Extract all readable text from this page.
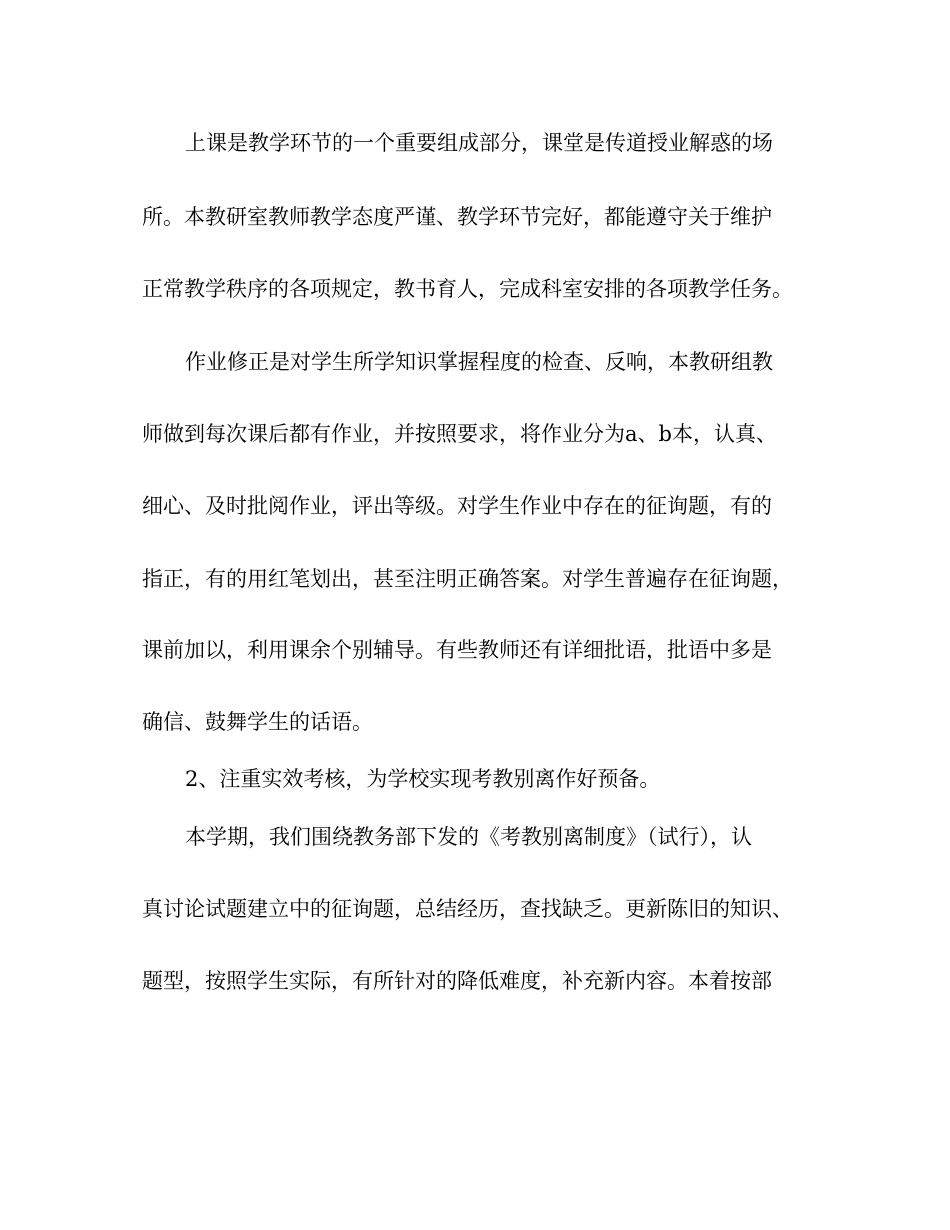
上课是教学环节的一个重要组成部分，课堂是传道授业解惑的场

所。本教研室教师教学态度严谨、教学环节完好，都能遵守关于维护

正常教学秩序的各项规定，教书育人，完成科室安排的各项教学任务。

作业修正是对学生所学知识掌握程度的检查、反响，本教研组教

师做到每次课后都有作业，并按照要求，将作业分为a、b本，认真、

细心、及时批阅作业，评出等级。对学生作业中存在的征询题，有的

指正，有的用红笔划出，甚至注明正确答案。对学生普遍存在征询题，

课前加以，利用课余个别辅导。有些教师还有详细批语，批语中多是

确信、鼓舞学生的话语。

2、注重实效考核，为学校实现考教别离作好预备。

本学期，我们围绕教务部下发的《考教别离制度》（试行），认

真讨论试题建立中的征询题，总结经历，查找缺乏。更新陈旧的知识、

题型，按照学生实际，有所针对的降低难度，补充新内容。本着按部
